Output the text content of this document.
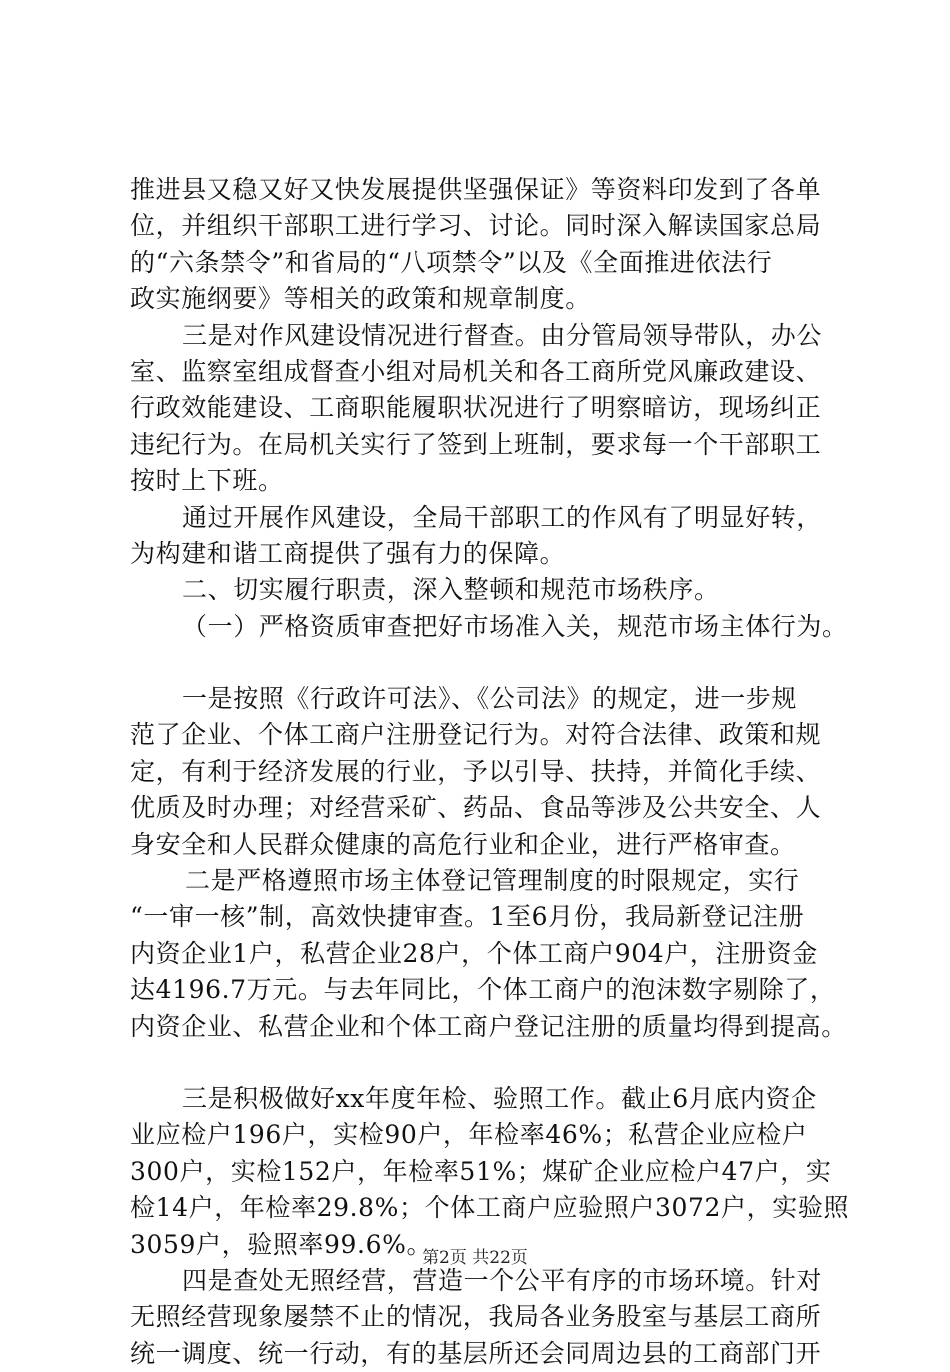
推进县又稳又好又快发展提供坚强保证》等资料印发到了各单
位，并组织干部职工进行学习、讨论。同时深入解读国家总局
的“六条禁令”和省局的“八项禁令”以及《全面推进依法行
政实施纲要》等相关的政策和规章制度。
三是对作风建设情况进行督查。由分管局领导带队，办公
室、监察室组成督查小组对局机关和各工商所党风廉政建设、
行政效能建设、工商职能履职状况进行了明察暗访，现场纠正
违纪行为。在局机关实行了签到上班制，要求每一个干部职工
按时上下班。
通过开展作风建设，全局干部职工的作风有了明显好转，
为构建和谐工商提供了强有力的保障。
二、切实履行职责，深入整顿和规范市场秩序。
（一）严格资质审查把好市场准入关，规范市场主体行为。
一是按照《行政许可法》、《公司法》的规定，进一步规
范了企业、个体工商户注册登记行为。对符合法律、政策和规
定，有利于经济发展的行业，予以引导、扶持，并简化手续、
优质及时办理；对经营采矿、药品、食品等涉及公共安全、人
身安全和人民群众健康的高危行业和企业，进行严格审查。
二是严格遵照市场主体登记管理制度的时限规定，实行
“一审一核”制，高效快捷审查。1至6月份，我局新登记注册
内资企业1户，私营企业28户，个体工商户904户，注册资金
达4196.7万元。与去年同比，个体工商户的泡沫数字剔除了，
内资企业、私营企业和个体工商户登记注册的质量均得到提高。
三是积极做好xx年度年检、验照工作。截止6月底内资企
业应检户196户，实检90户，年检率46%；私营企业应检户
300户，实检152户，年检率51%；煤矿企业应检户47户，实
检14户，年检率29.8%；个体工商户应验照户3072户，实验照
3059户，验照率99.6%。
四是查处无照经营，营造一个公平有序的市场环境。针对
无照经营现象屡禁不止的情况，我局各业务股室与基层工商所
统一调度、统一行动，有的基层所还会同周边县的工商部门开
第2页 共22页
